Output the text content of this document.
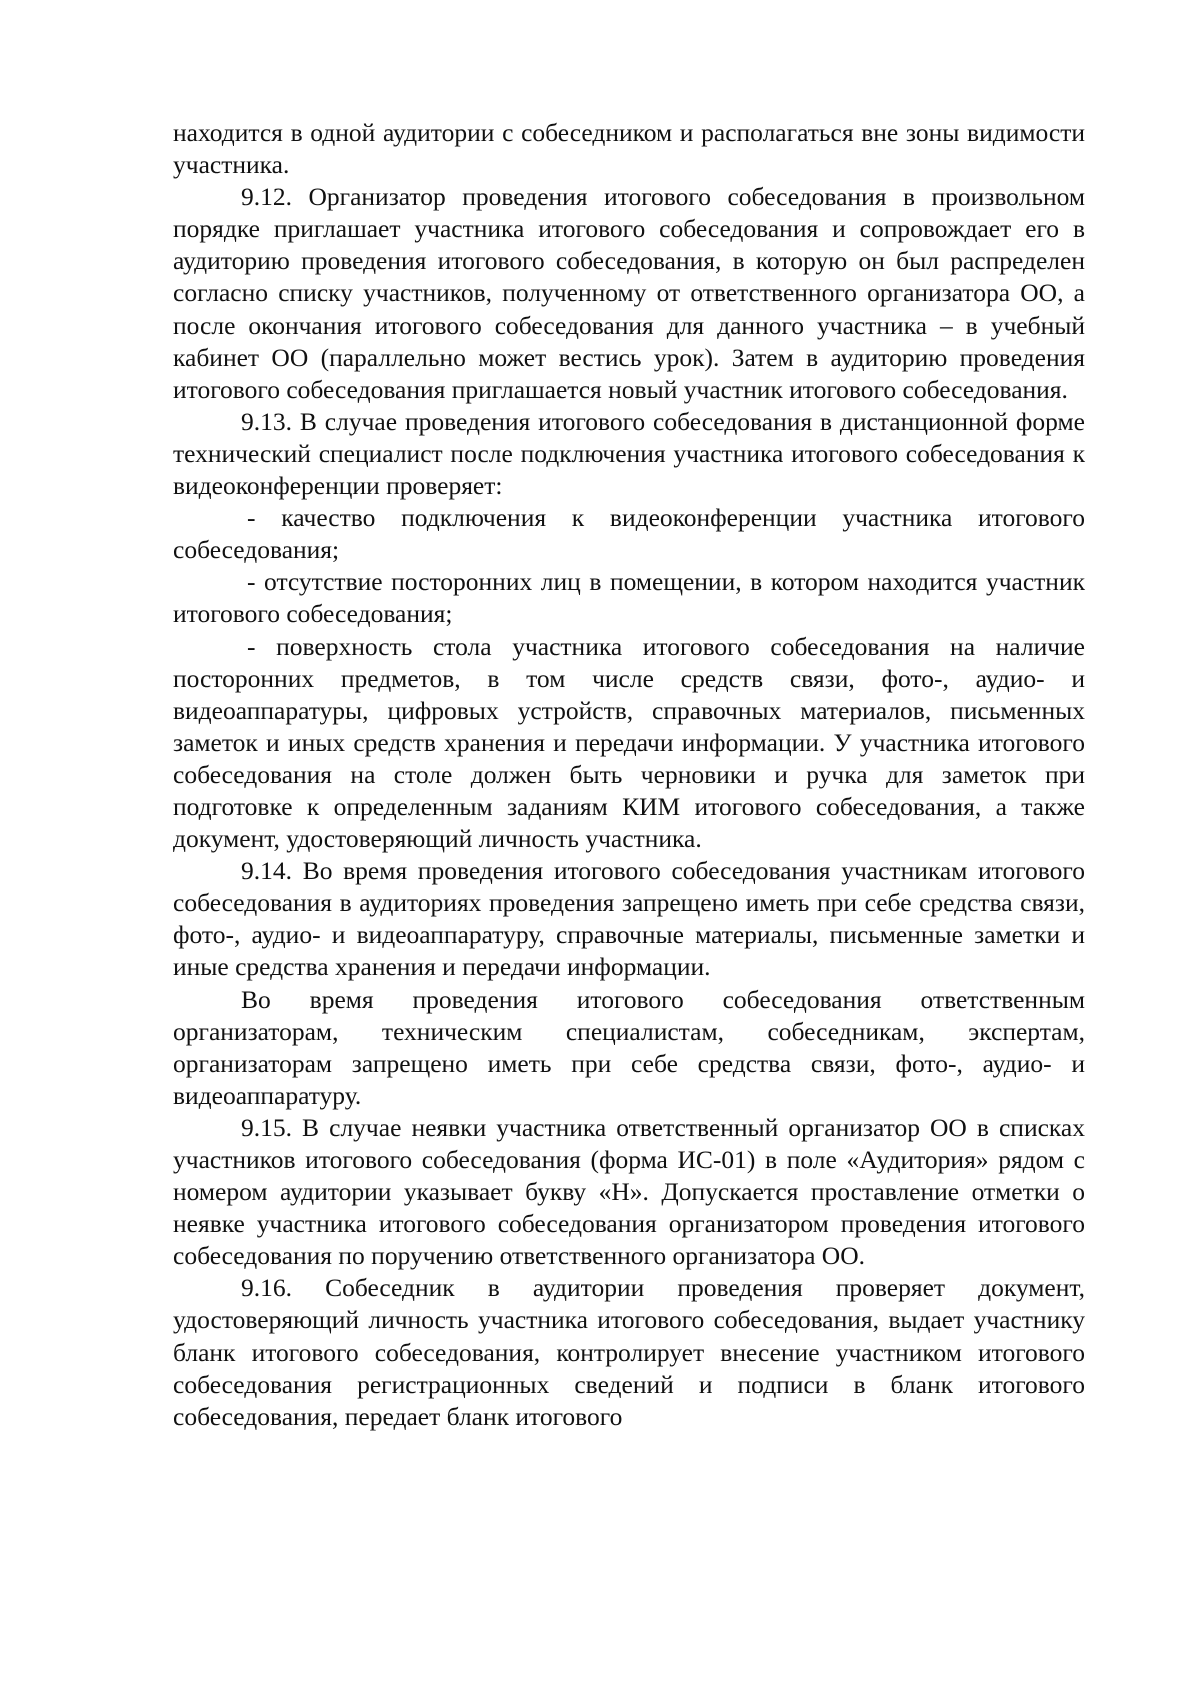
находится в одной аудитории с собеседником и располагаться вне зоны видимости участника.

9.12. Организатор проведения итогового собеседования в произвольном порядке приглашает участника итогового собеседования и сопровождает его в аудиторию проведения итогового собеседования, в которую он был распределен согласно списку участников, полученному от ответственного организатора ОО, а после окончания итогового собеседования для данного участника – в учебный кабинет ОО (параллельно может вестись урок). Затем в аудиторию проведения итогового собеседования приглашается новый участник итогового собеседования.

9.13. В случае проведения итогового собеседования в дистанционной форме технический специалист после подключения участника итогового собеседования к видеоконференции проверяет:

- качество подключения к видеоконференции участника итогового собеседования;

- отсутствие посторонних лиц в помещении, в котором находится участник итогового собеседования;

- поверхность стола участника итогового собеседования на наличие посторонних предметов, в том числе средств связи, фото-, аудио- и видеоаппаратуры, цифровых устройств, справочных материалов, письменных заметок и иных средств хранения и передачи информации. У участника итогового собеседования на столе должен быть черновики и ручка для заметок при подготовке к определенным заданиям КИМ итогового собеседования, а также документ, удостоверяющий личность участника.

9.14. Во время проведения итогового собеседования участникам итогового собеседования в аудиториях проведения запрещено иметь при себе средства связи, фото-, аудио- и видеоаппаратуру, справочные материалы, письменные заметки и иные средства хранения и передачи информации.

Во время проведения итогового собеседования ответственным организаторам, техническим специалистам, собеседникам, экспертам, организаторам запрещено иметь при себе средства связи, фото-, аудио- и видеоаппаратуру.

9.15. В случае неявки участника ответственный организатор ОО в списках участников итогового собеседования (форма ИС-01) в поле «Аудитория» рядом с номером аудитории указывает букву «Н». Допускается проставление отметки о неявке участника итогового собеседования организатором проведения итогового собеседования по поручению ответственного организатора ОО.

9.16. Собеседник в аудитории проведения проверяет документ, удостоверяющий личность участника итогового собеседования, выдает участнику бланк итогового собеседования, контролирует внесение участником итогового собеседования регистрационных сведений и подписи в бланк итогового собеседования, передает бланк итогового
